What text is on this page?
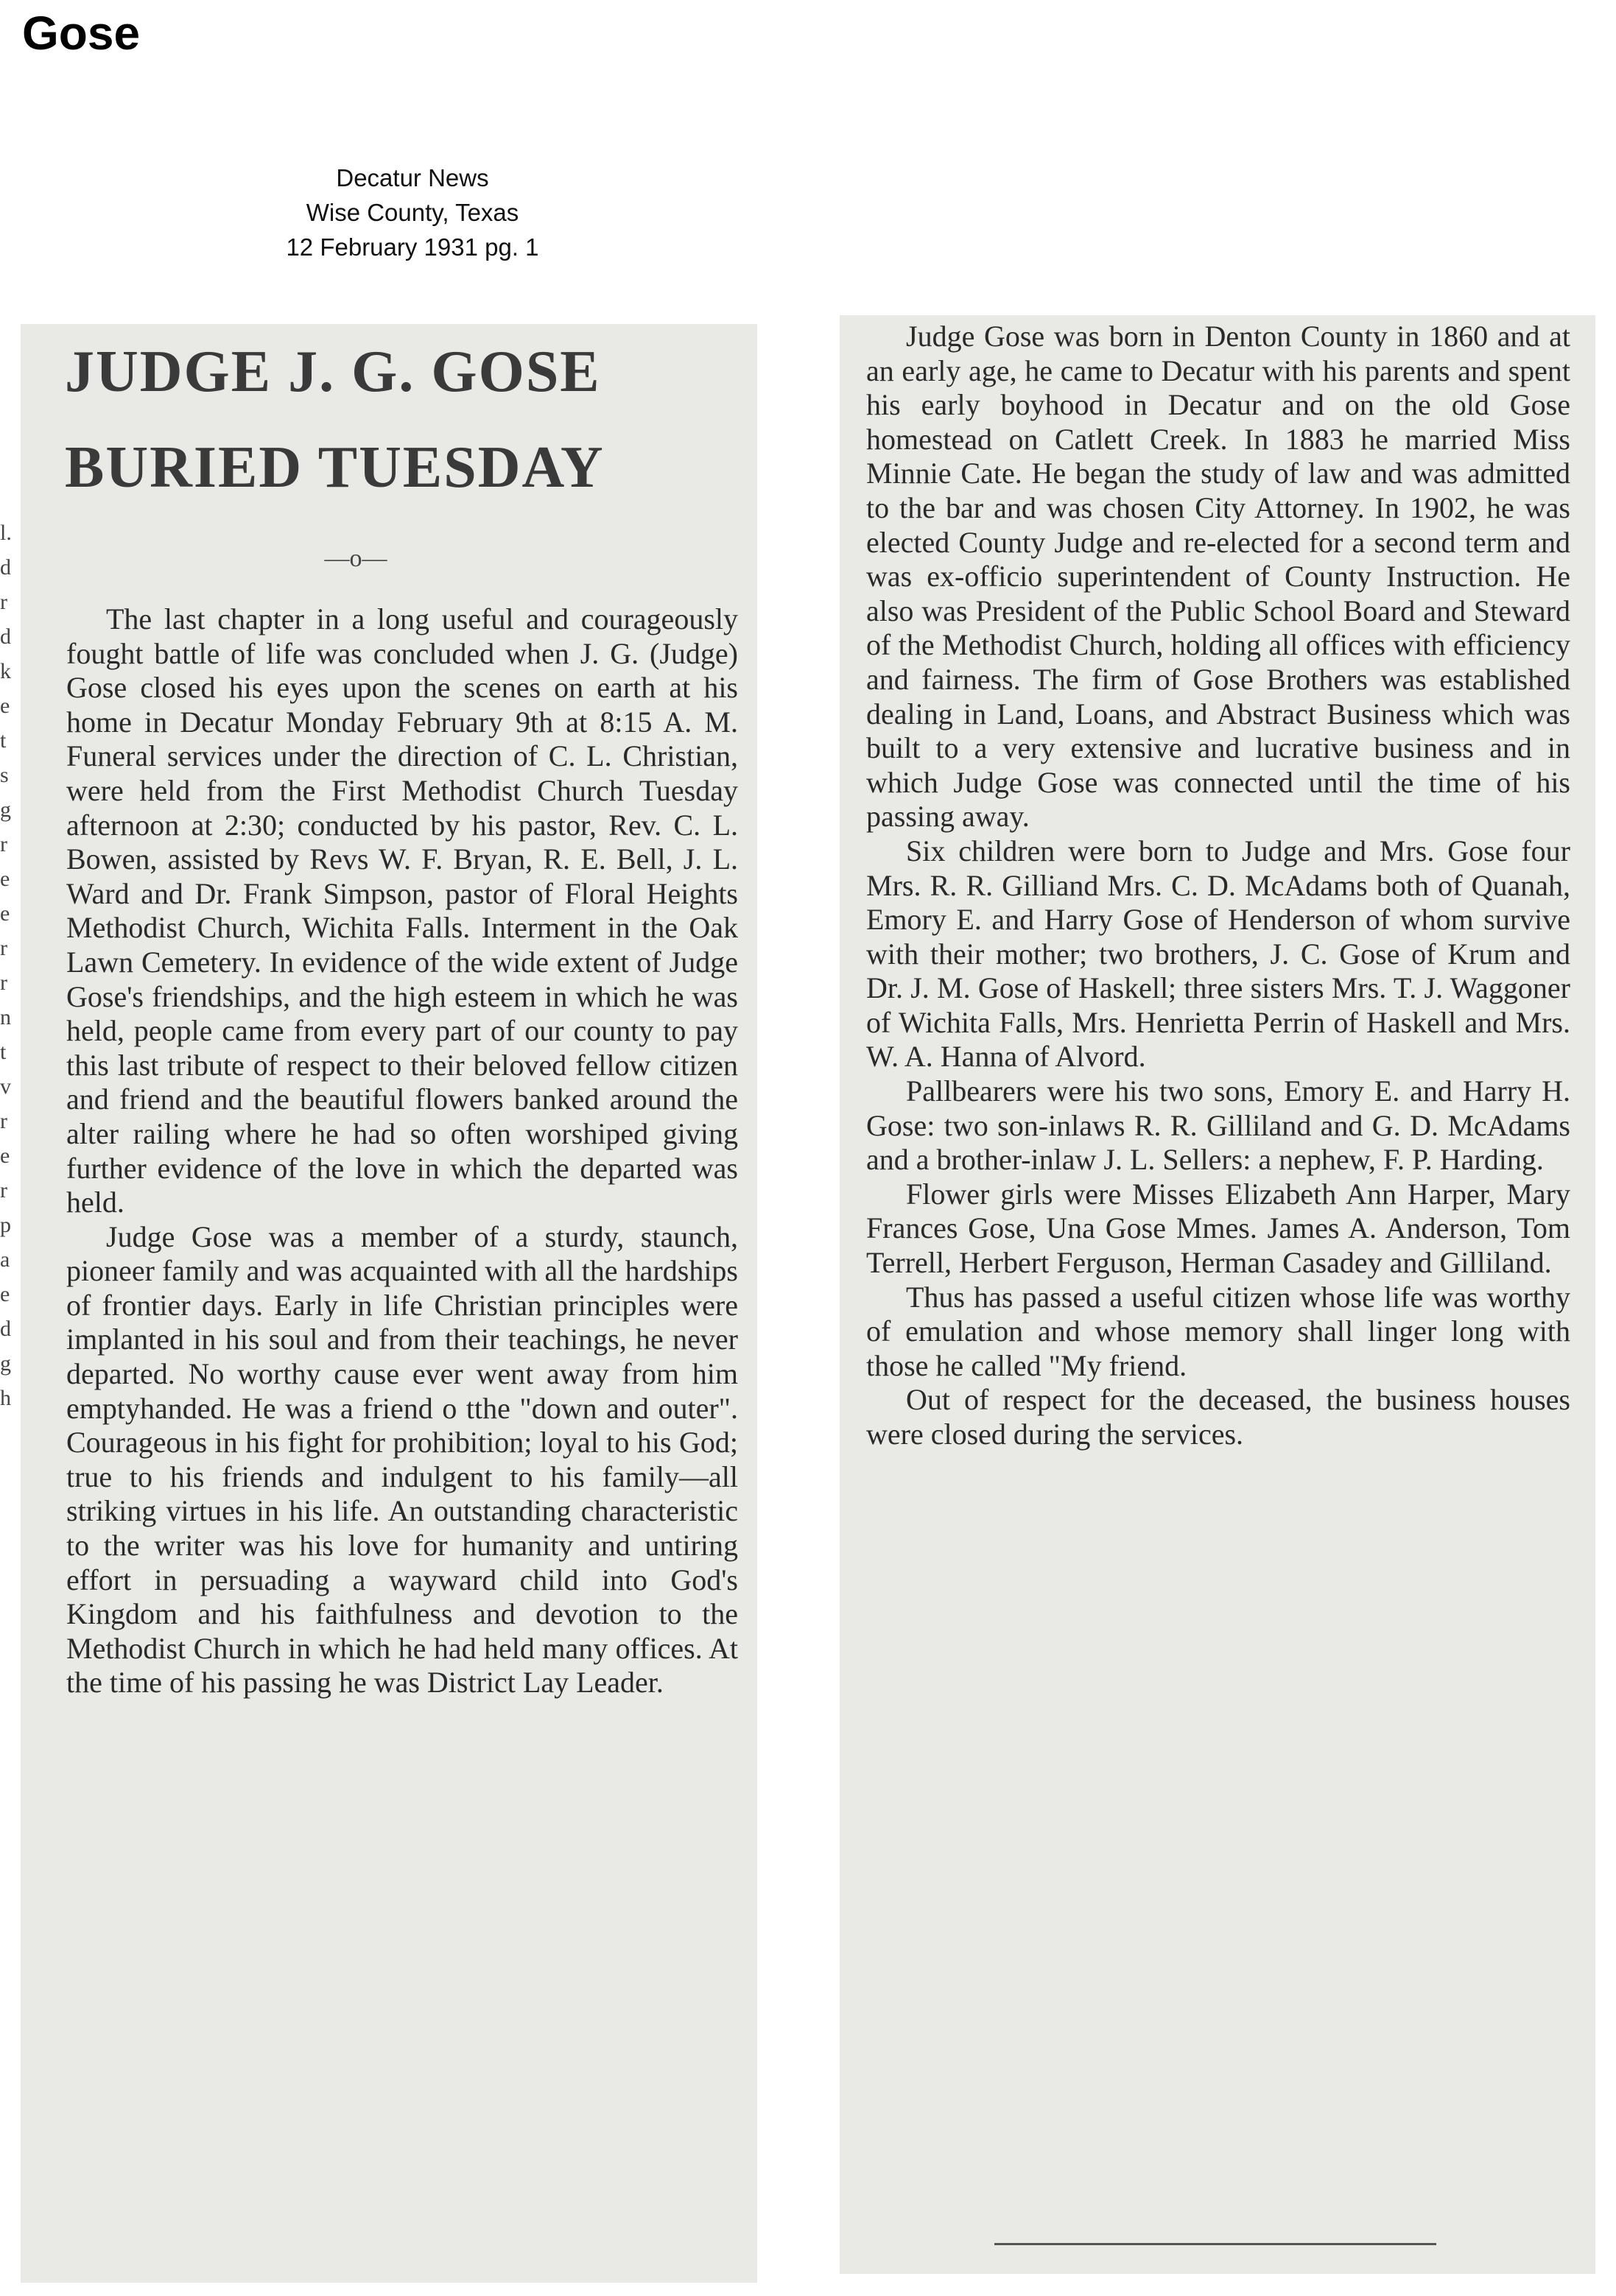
Gose
Decatur News
Wise County, Texas
12 February 1931 pg. 1
JUDGE J. G. GOSE
BURIED TUESDAY
—o—

The last chapter in a long useful and courageously fought battle of life was concluded when J. G. (Judge) Gose closed his eyes upon the scenes on earth at his home in Decatur Monday February 9th at 8:15 A. M. Funeral services under the direction of C. L. Christian, were held from the First Methodist Church Tuesday afternoon at 2:30; conducted by his pastor, Rev. C. L. Bowen, assisted by Revs W. F. Bryan, R. E. Bell, J. L. Ward and Dr. Frank Simpson, pastor of Floral Heights Methodist Church, Wichita Falls. Interment in the Oak Lawn Cemetery. In evidence of the wide extent of Judge Gose's friendships, and the high esteem in which he was held, people came from every part of our county to pay this last tribute of respect to their beloved fellow citizen and friend and the beautiful flowers banked around the alter railing where he had so often worshiped giving further evidence of the love in which the departed was held.

Judge Gose was a member of a sturdy, staunch, pioneer family and was acquainted with all the hardships of frontier days. Early in life Christian principles were implanted in his soul and from their teachings, he never departed. No worthy cause ever went away from him emptyhanded. He was a friend o tthe "down and outer". Courageous in his fight for prohibition; loyal to his God; true to his friends and indulgent to his family—all striking virtues in his life. An outstanding characteristic to the writer was his love for humanity and untiring effort in persuading a wayward child into God's Kingdom and his faithfulness and devotion to the Methodist Church in which he had held many offices. At the time of his passing he was District Lay Leader.

l. d r d k e t s g r e e r r n t v r e r p a e d g h

Judge Gose was born in Denton County in 1860 and at an early age, he came to Decatur with his parents and spent his early boyhood in Decatur and on the old Gose homestead on Catlett Creek. In 1883 he married Miss Minnie Cate. He began the study of law and was admitted to the bar and was chosen City Attorney. In 1902, he was elected County Judge and re-elected for a second term and was ex-officio superintendent of County Instruction. He also was President of the Public School Board and Steward of the Methodist Church, holding all offices with efficiency and fairness. The firm of Gose Brothers was established dealing in Land, Loans, and Abstract Business which was built to a very extensive and lucrative business and in which Judge Gose was connected until the time of his passing away.

Six children were born to Judge and Mrs. Gose four Mrs. R. R. Gilliand Mrs. C. D. McAdams both of Quanah, Emory E. and Harry Gose of Henderson of whom survive with their mother; two brothers, J. C. Gose of Krum and Dr. J. M. Gose of Haskell; three sisters Mrs. T. J. Waggoner of Wichita Falls, Mrs. Henrietta Perrin of Haskell and Mrs. W. A. Hanna of Alvord.

Pallbearers were his two sons, Emory E. and Harry H. Gose: two son-inlaws R. R. Gilliland and G. D. McAdams and a brother-inlaw J. L. Sellers: a nephew, F. P. Harding.

Flower girls were Misses Elizabeth Ann Harper, Mary Frances Gose, Una Gose Mmes. James A. Anderson, Tom Terrell, Herbert Ferguson, Herman Casadey and Gilliland.

Thus has passed a useful citizen whose life was worthy of emulation and whose memory shall linger long with those he called "My friend.

Out of respect for the deceased, the business houses were closed during the services.
